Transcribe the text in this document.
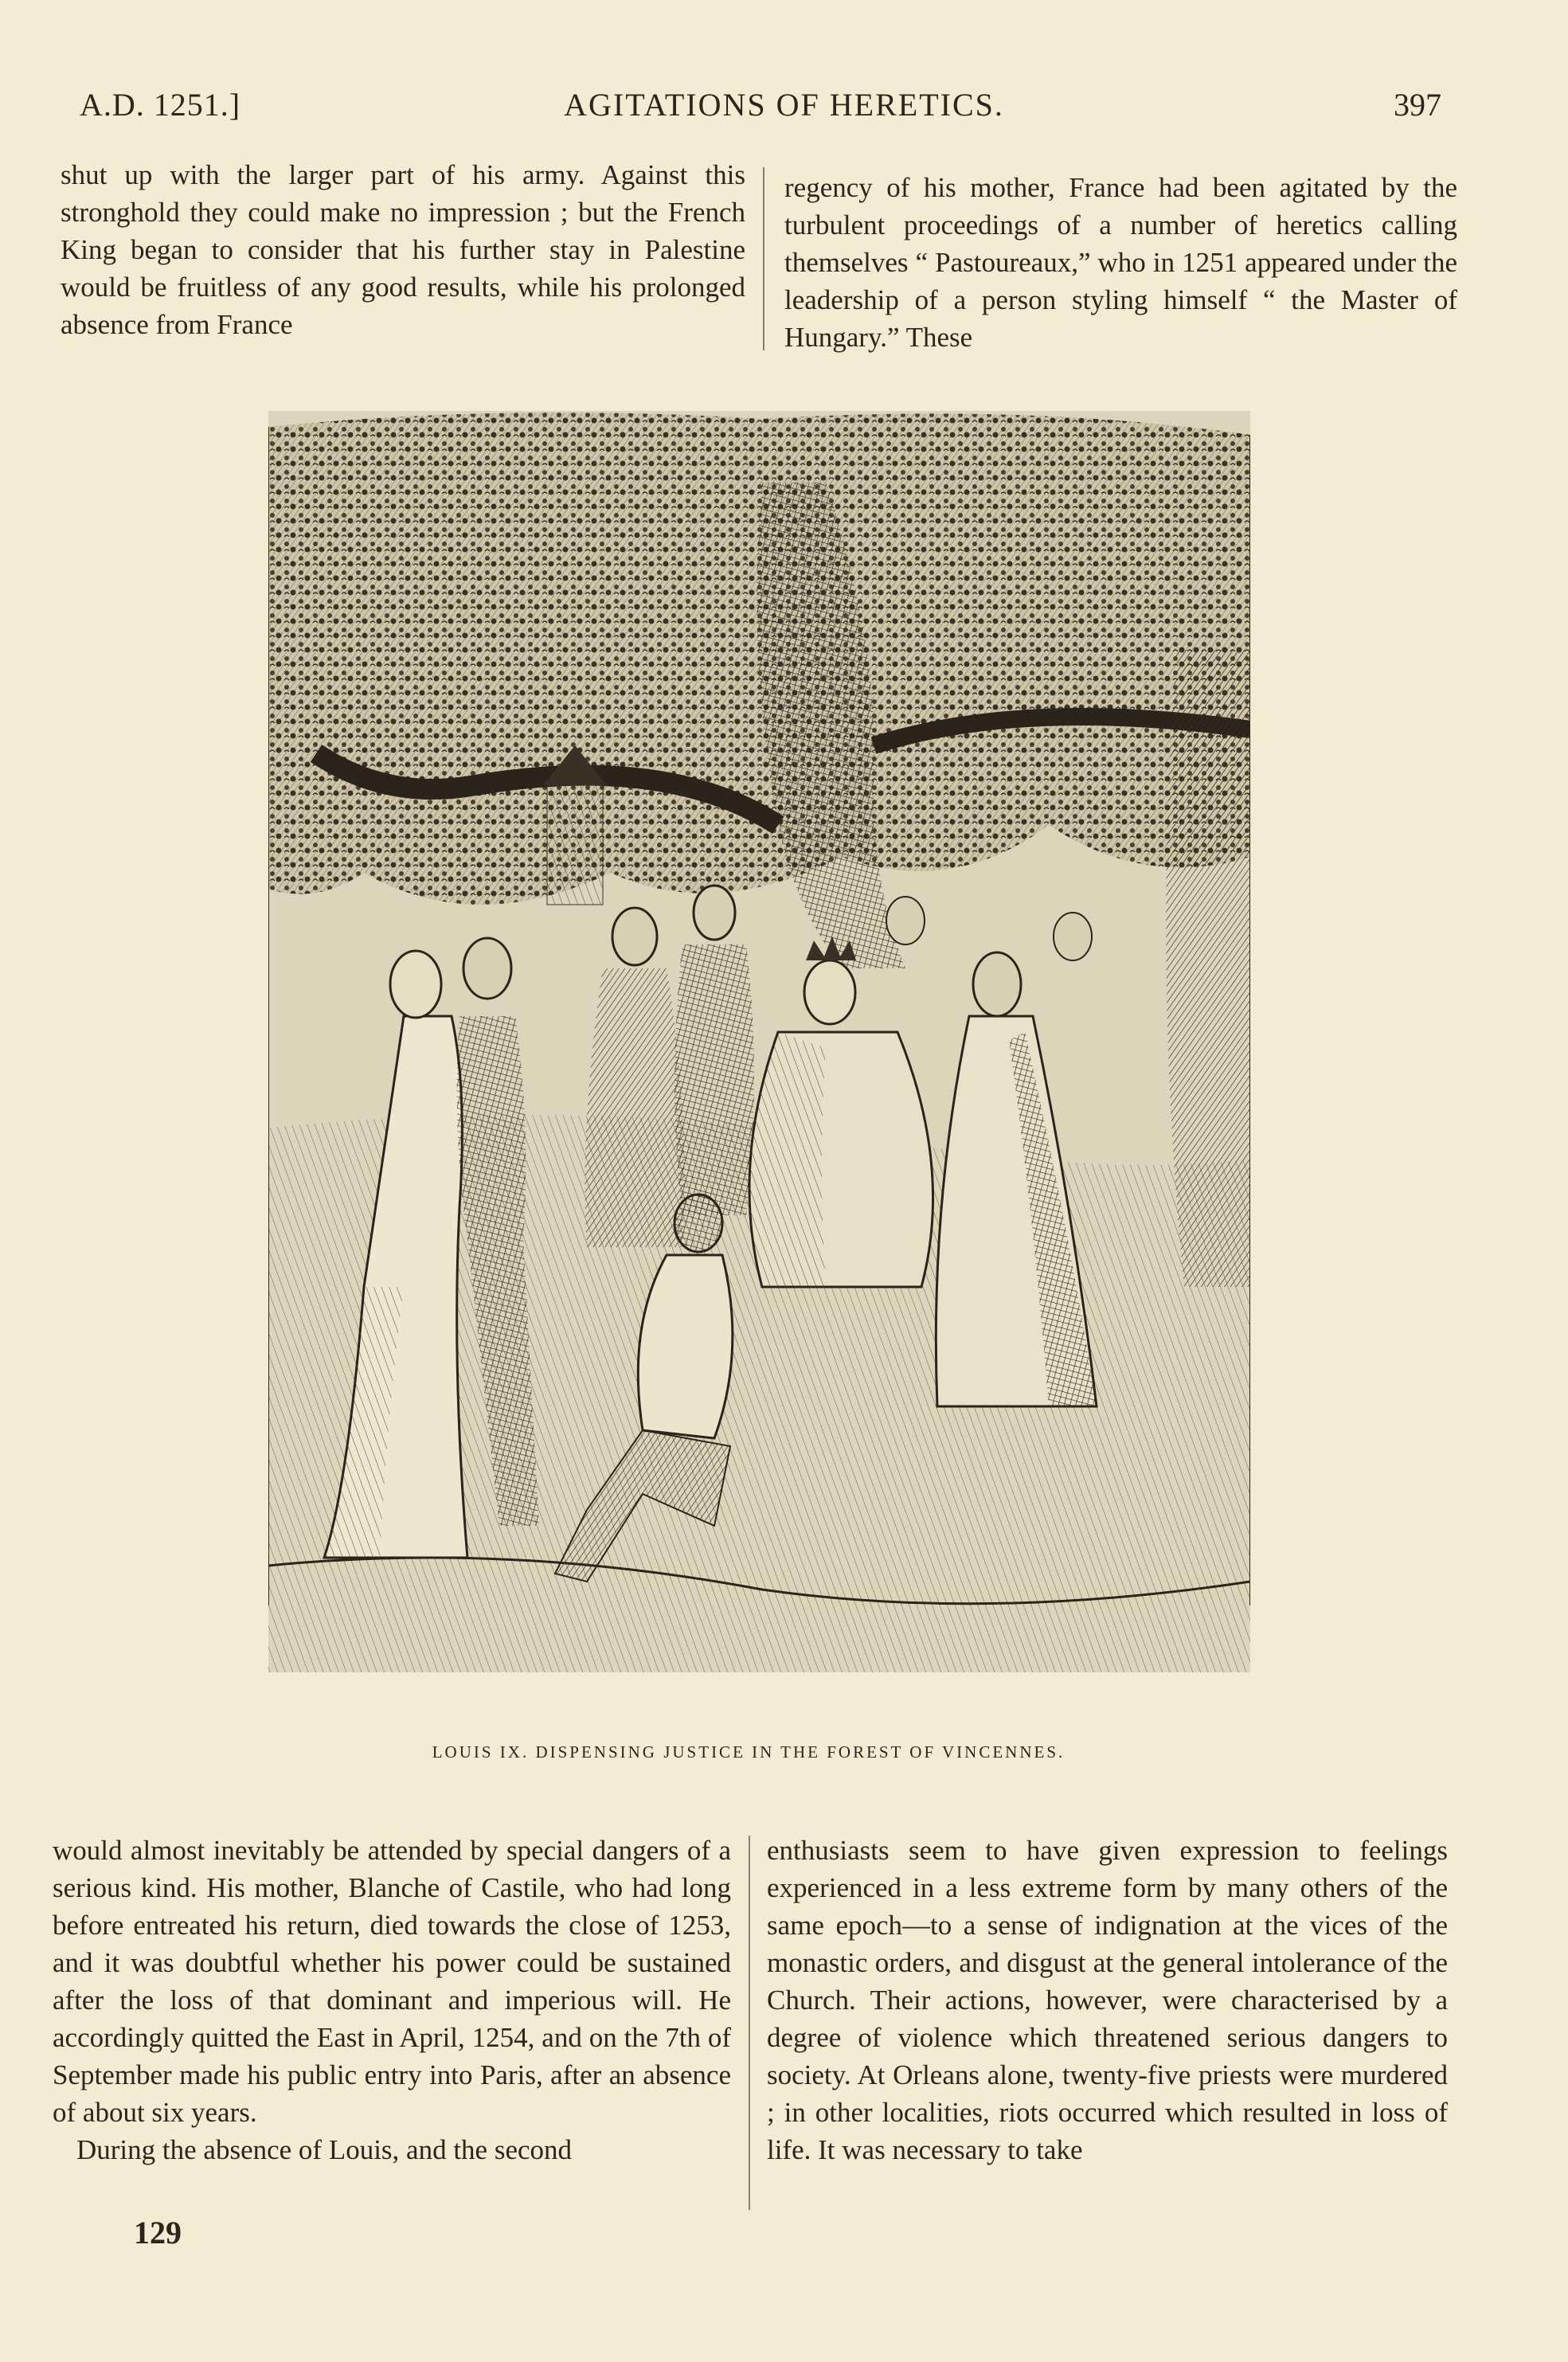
A.D. 1251.]	AGITATIONS OF HERETICS.	397

shut up with the larger part of his army. Against this stronghold they could make no impression ; but the French King began to consider that his further stay in Palestine would be fruitless of any good results, while his prolonged absence from France

regency of his mother, France had been agitated by the turbulent proceedings of a number of heretics calling themselves “ Pastoureaux,” who in 1251 appeared under the leadership of a person styling himself “ the Master of Hungary.” These

LOUIS IX. DISPENSING JUSTICE IN THE FOREST OF VINCENNES.

would almost inevitably be attended by special dangers of a serious kind. His mother, Blanche of Castile, who had long before entreated his return, died towards the close of 1253, and it was doubtful whether his power could be sustained after the loss of that dominant and imperious will. He accordingly quitted the East in April, 1254, and on the 7th of September made his public entry into Paris, after an absence of about six years.

During the absence of Louis, and the second

enthusiasts seem to have given expression to feelings experienced in a less extreme form by many others of the same epoch—to a sense of indignation at the vices of the monastic orders, and disgust at the general intolerance of the Church. Their actions, however, were characterised by a degree of violence which threatened serious dangers to society. At Orleans alone, twenty-five priests were murdered ; in other localities, riots occurred which resulted in loss of life. It was necessary to take

129
